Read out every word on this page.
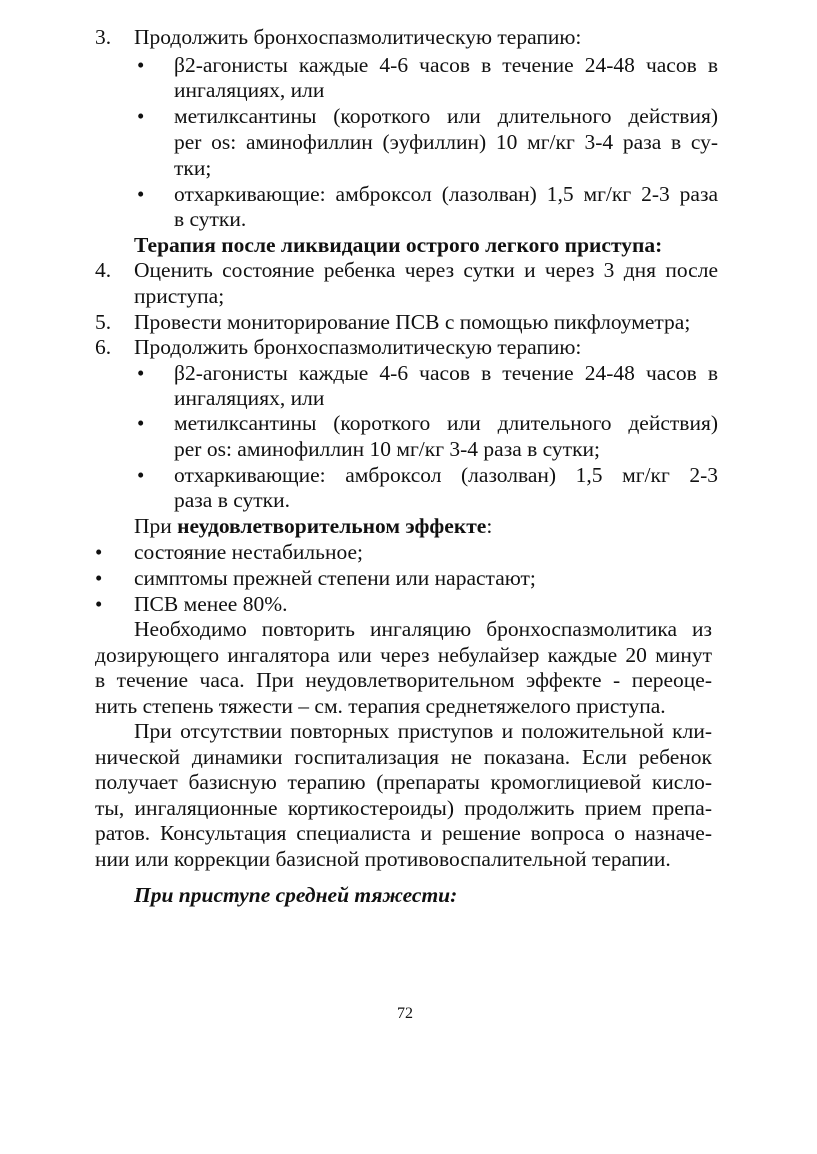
3. Продолжить бронхоспазмолитическую терапию:
• β2-агонисты каждые 4-6 часов в течение 24-48 часов в
ингаляциях, или
• метилксантины (короткого или длительного действия)
per os: аминофиллин (эуфиллин) 10 мг/кг 3-4 раза в су-
тки;
• отхаркивающие: амброксол (лазолван) 1,5 мг/кг 2-3 раза
в сутки.
Терапия после ликвидации острого легкого приступа:
4. Оценить состояние ребенка через сутки и через 3 дня после
приступа;
5. Провести мониторирование ПСВ с помощью пикфлоуметра;
6. Продолжить бронхоспазмолитическую терапию:
• β2-агонисты каждые 4-6 часов в течение 24-48 часов в
ингаляциях, или
• метилксантины (короткого или длительного действия)
per os: аминофиллин 10 мг/кг 3-4 раза в сутки;
• отхаркивающие: амброксол (лазолван) 1,5 мг/кг 2-3
раза в сутки.
При неудовлетворительном эффекте:
• состояние нестабильное;
• симптомы прежней степени или нарастают;
• ПСВ менее 80%.
Необходимо повторить ингаляцию бронхоспазмолитика из
дозирующего ингалятора или через небулайзер каждые 20 минут
в течение часа. При неудовлетворительном эффекте - переоце-
нить степень тяжести – см. терапия среднетяжелого приступа.
При отсутствии повторных приступов и положительной кли-
нической динамики госпитализация не показана. Если ребенок
получает базисную терапию (препараты кромоглициевой кисло-
ты, ингаляционные кортикостероиды) продолжить прием препа-
ратов. Консультация специалиста и решение вопроса о назначе-
нии или коррекции базисной противовоспалительной терапии.
При приступе средней тяжести:
72
